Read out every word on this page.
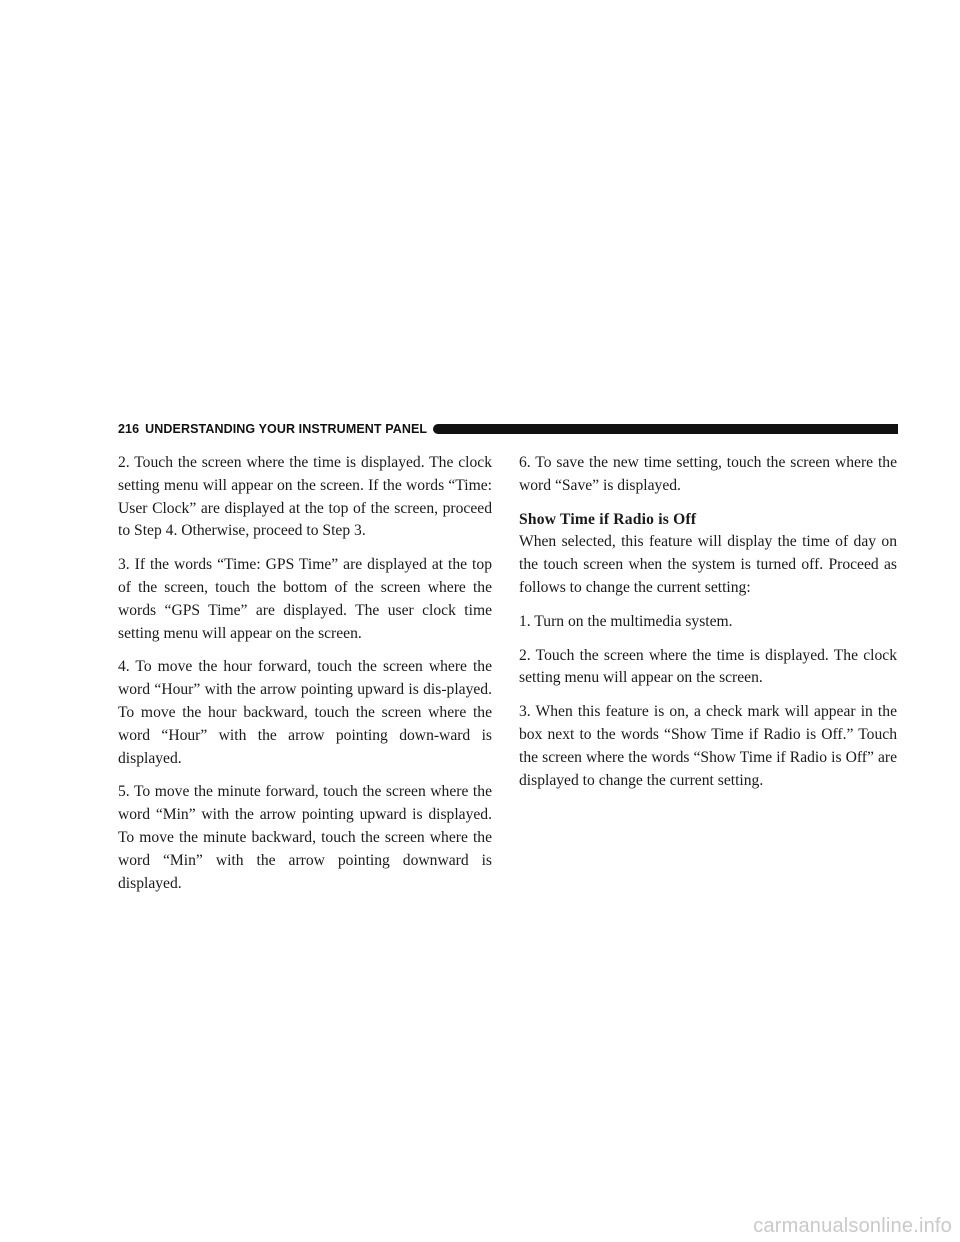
216 UNDERSTANDING YOUR INSTRUMENT PANEL

2. Touch the screen where the time is displayed. The clock setting menu will appear on the screen. If the words “Time: User Clock” are displayed at the top of the screen, proceed to Step 4. Otherwise, proceed to Step 3.

3. If the words “Time: GPS Time” are displayed at the top of the screen, touch the bottom of the screen where the words “GPS Time” are displayed. The user clock time setting menu will appear on the screen.

4. To move the hour forward, touch the screen where the word “Hour” with the arrow pointing upward is dis-played. To move the hour backward, touch the screen where the word “Hour” with the arrow pointing down-ward is displayed.

5. To move the minute forward, touch the screen where the word “Min” with the arrow pointing upward is displayed. To move the minute backward, touch the screen where the word “Min” with the arrow pointing downward is displayed.

6. To save the new time setting, touch the screen where the word “Save” is displayed.

Show Time if Radio is Off

When selected, this feature will display the time of day on the touch screen when the system is turned off. Proceed as follows to change the current setting:

1. Turn on the multimedia system.

2. Touch the screen where the time is displayed. The clock setting menu will appear on the screen.

3. When this feature is on, a check mark will appear in the box next to the words “Show Time if Radio is Off.” Touch the screen where the words “Show Time if Radio is Off” are displayed to change the current setting.

carmanualsonline.info
